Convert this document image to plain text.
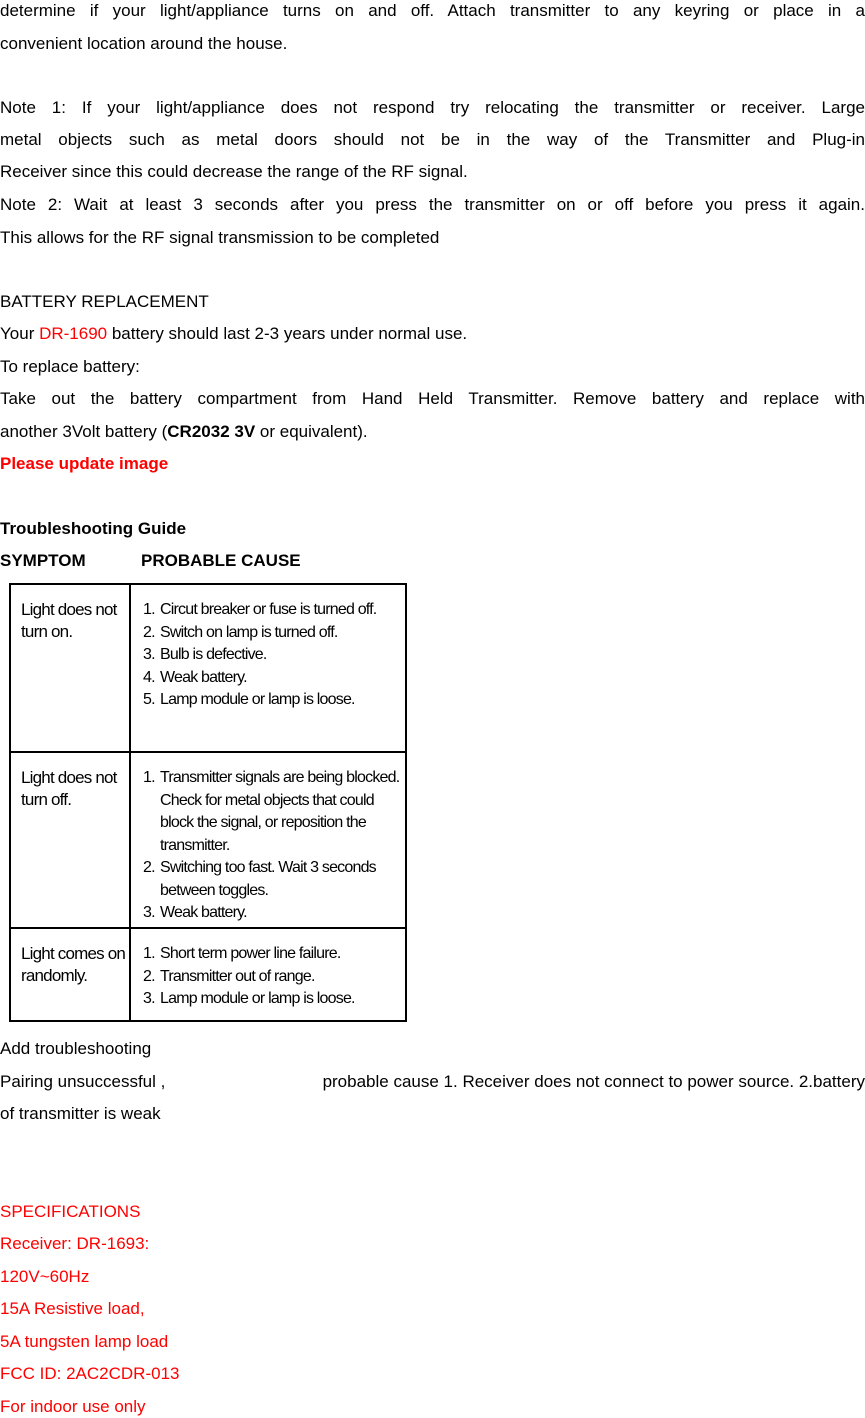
determine if your light/appliance turns on and off. Attach transmitter to any keyring or place in a
convenient location around the house.
Note 1: If your light/appliance does not respond try relocating the transmitter or receiver. Large
metal objects such as metal doors should not be in the way of the Transmitter and Plug-in
Receiver since this could decrease the range of the RF signal.
Note 2: Wait at least 3 seconds after you press the transmitter on or off before you press it again.
This allows for the RF signal transmission to be completed
BATTERY REPLACEMENT
Your DR-1690 battery should last 2-3 years under normal use.
To replace battery:
Take out the battery compartment from Hand Held Transmitter. Remove battery and replace with
another 3Volt battery (CR2032 3V or equivalent).
Please update image
Troubleshooting Guide
SYMPTOM	PROBABLE CAUSE
Light does not turn on.
1. Circut breaker or fuse is turned off.
2. Switch on lamp is turned off.
3. Bulb is defective.
4. Weak battery.
5. Lamp module or lamp is loose.
Light does not turn off.
1. Transmitter signals are being blocked. Check for metal objects that could block the signal, or reposition the transmitter.
2. Switching too fast. Wait 3 seconds between toggles.
3. Weak battery.
Light comes on randomly.
1. Short term power line failure.
2. Transmitter out of range.
3. Lamp module or lamp is loose.
Add troubleshooting
Pairing unsuccessful ,	probable cause 1. Receiver does not connect to power source. 2.battery
of transmitter is weak
SPECIFICATIONS
Receiver: DR-1693:
120V~60Hz
15A Resistive load,
5A tungsten lamp load
FCC ID: 2AC2CDR-013
For indoor use only
